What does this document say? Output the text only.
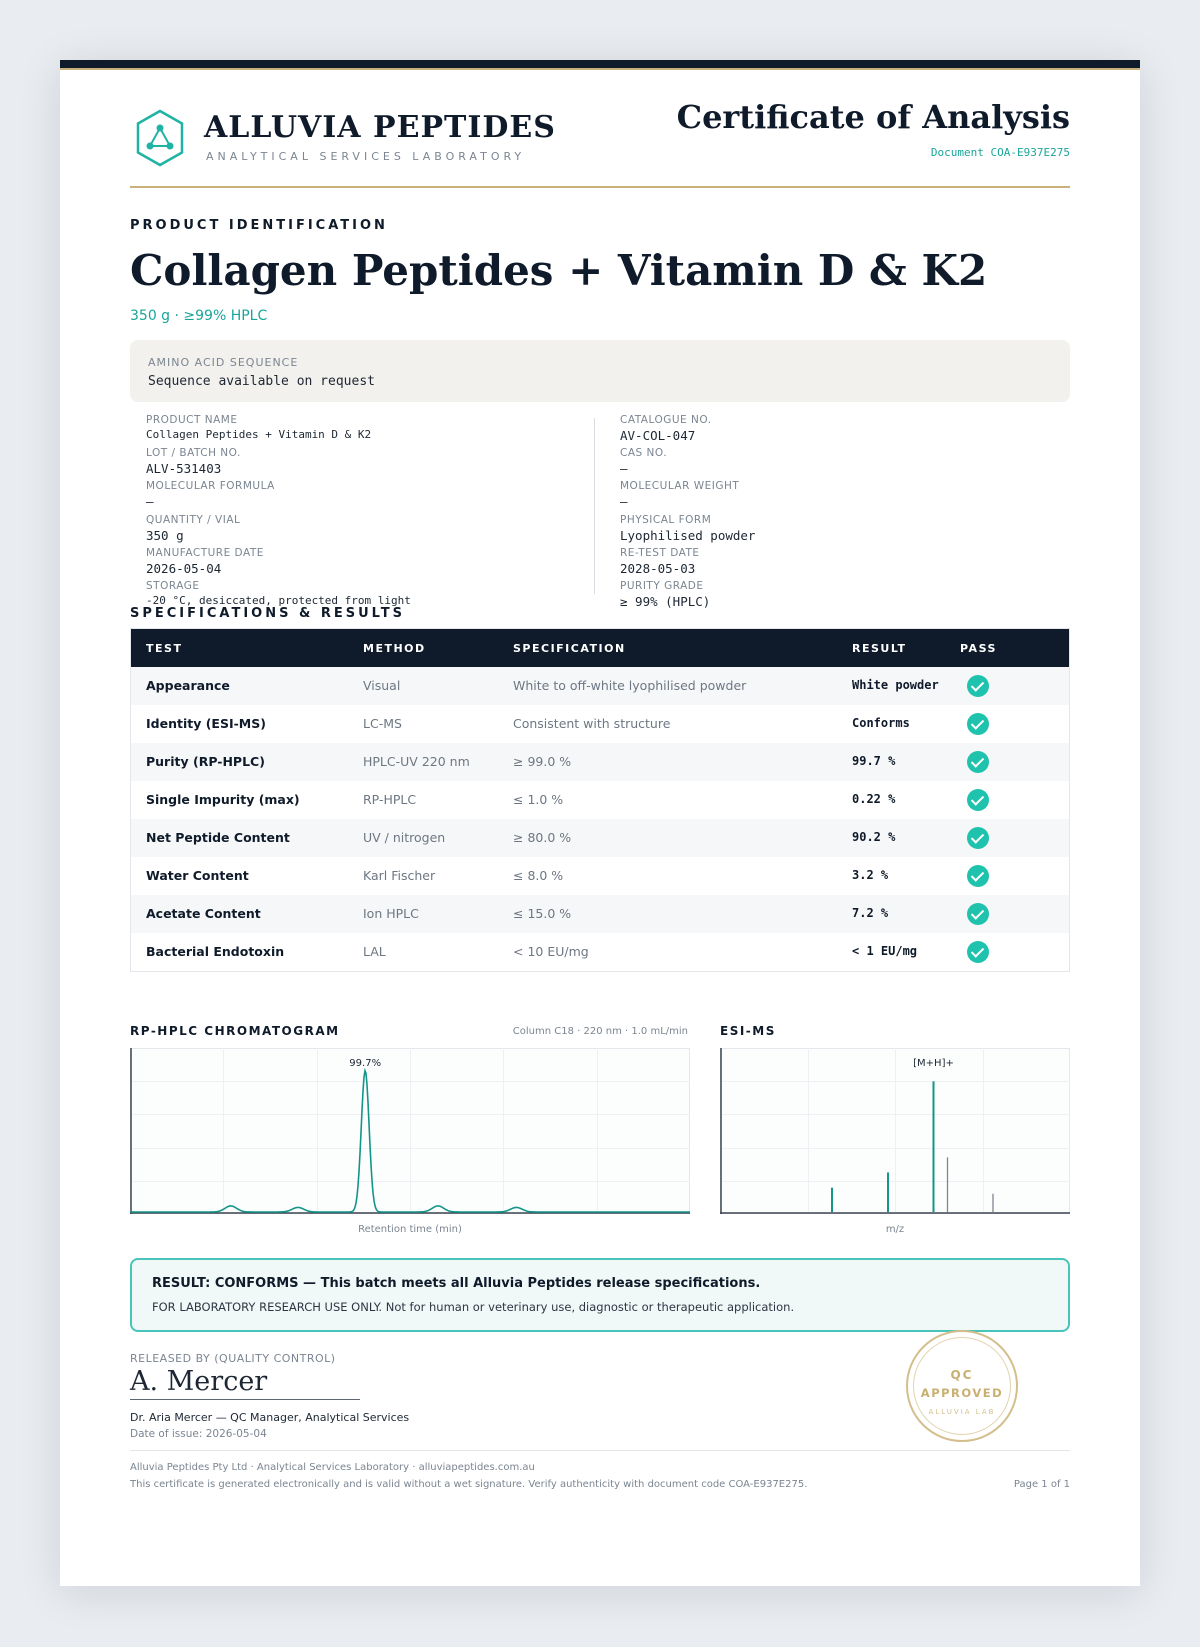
ALLUVIA PEPTIDES
ANALYTICAL SERVICES LABORATORY
Certificate of Analysis
Document COA-E937E275
PRODUCT IDENTIFICATION
Collagen Peptides + Vitamin D & K2
350 g · ≥99% HPLC
AMINO ACID SEQUENCE
Sequence available on request
PRODUCT NAME
Collagen Peptides + Vitamin D & K2
LOT / BATCH NO.
ALV-531403
MOLECULAR FORMULA
—
QUANTITY / VIAL
350 g
MANUFACTURE DATE
2026-05-04
STORAGE
-20 °C, desiccated, protected from light
CATALOGUE NO.
AV-COL-047
CAS NO.
—
MOLECULAR WEIGHT
—
PHYSICAL FORM
Lyophilised powder
RE-TEST DATE
2028-05-03
PURITY GRADE
≥ 99% (HPLC)
SPECIFICATIONS & RESULTS
TEST	METHOD	SPECIFICATION	RESULT	PASS
Appearance	Visual	White to off-white lyophilised powder	White powder
Identity (ESI-MS)	LC-MS	Consistent with structure	Conforms
Purity (RP-HPLC)	HPLC-UV 220 nm	≥ 99.0 %	99.7 %
Single Impurity (max)	RP-HPLC	≤ 1.0 %	0.22 %
Net Peptide Content	UV / nitrogen	≥ 80.0 %	90.2 %
Water Content	Karl Fischer	≤ 8.0 %	3.2 %
Acetate Content	Ion HPLC	≤ 15.0 %	7.2 %
Bacterial Endotoxin	LAL	< 10 EU/mg	< 1 EU/mg
RP-HPLC CHROMATOGRAM	Column C18 · 220 nm · 1.0 mL/min
99.7%
Retention time (min)
ESI-MS
[M+H]+
m/z
RESULT: CONFORMS — This batch meets all Alluvia Peptides release specifications.
FOR LABORATORY RESEARCH USE ONLY. Not for human or veterinary use, diagnostic or therapeutic application.
RELEASED BY (QUALITY CONTROL)
A. Mercer
Dr. Aria Mercer — QC Manager, Analytical Services
Date of issue: 2026-05-04
QC
APPROVED
ALLUVIA LAB
Alluvia Peptides Pty Ltd · Analytical Services Laboratory · alluviapeptides.com.au
This certificate is generated electronically and is valid without a wet signature. Verify authenticity with document code COA-E937E275.	Page 1 of 1
